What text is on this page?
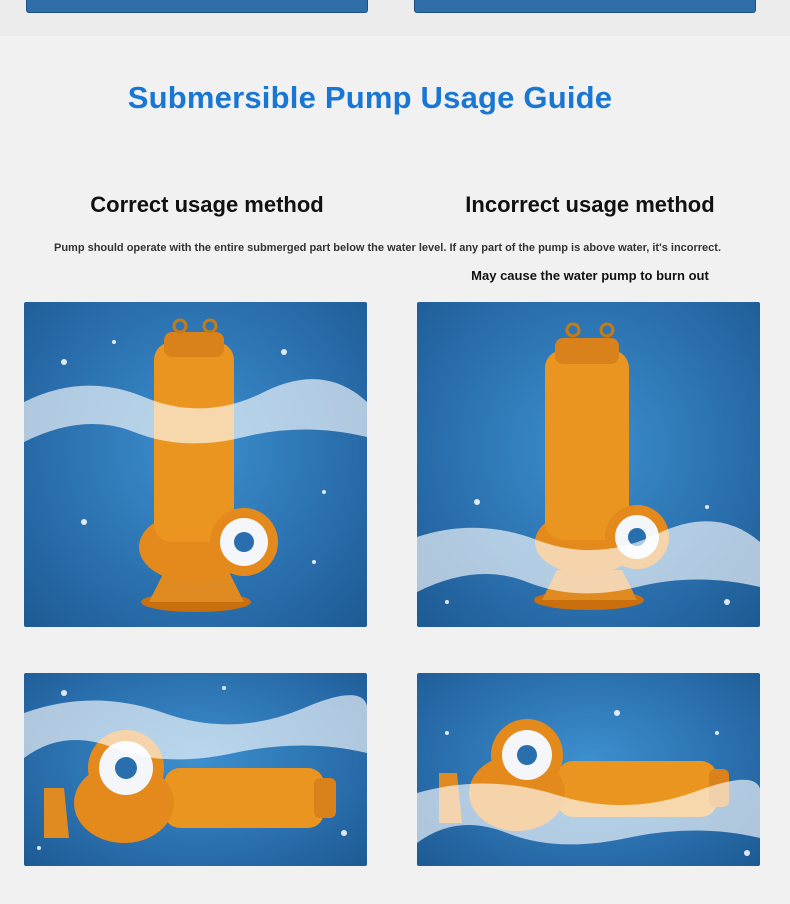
Submersible Pump Usage Guide
Correct usage method	Incorrect usage method
Pump should operate with the entire submerged part below the water level. If any part of the pump is above water, it's incorrect.
May cause the water pump to burn out
